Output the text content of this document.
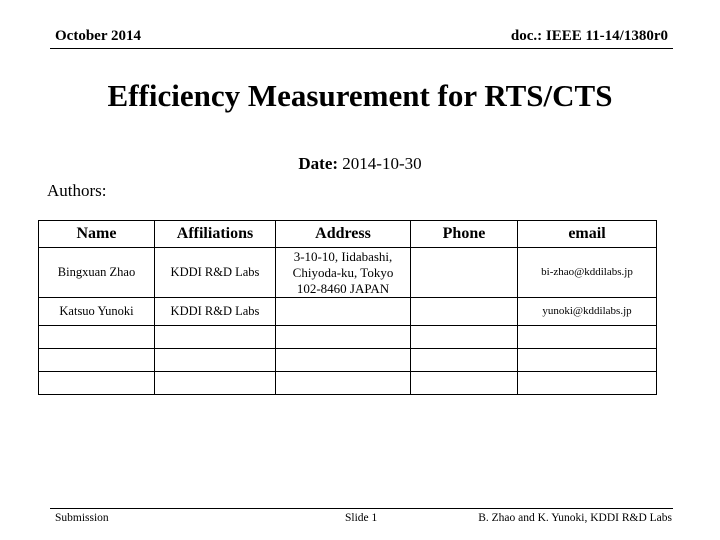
October 2014	doc.: IEEE 11-14/1380r0
Efficiency Measurement for RTS/CTS
Date: 2014-10-30
Authors:
Name	Affiliations	Address	Phone	email
Bingxuan Zhao	KDDI R&D Labs	3-10-10, Iidabashi,
Chiyoda-ku, Tokyo
102-8460 JAPAN		bi-zhao@kddilabs.jp
Katsuo Yunoki	KDDI R&D Labs			yunoki@kddilabs.jp

Submission	Slide 1	B. Zhao and K. Yunoki, KDDI R&D Labs
